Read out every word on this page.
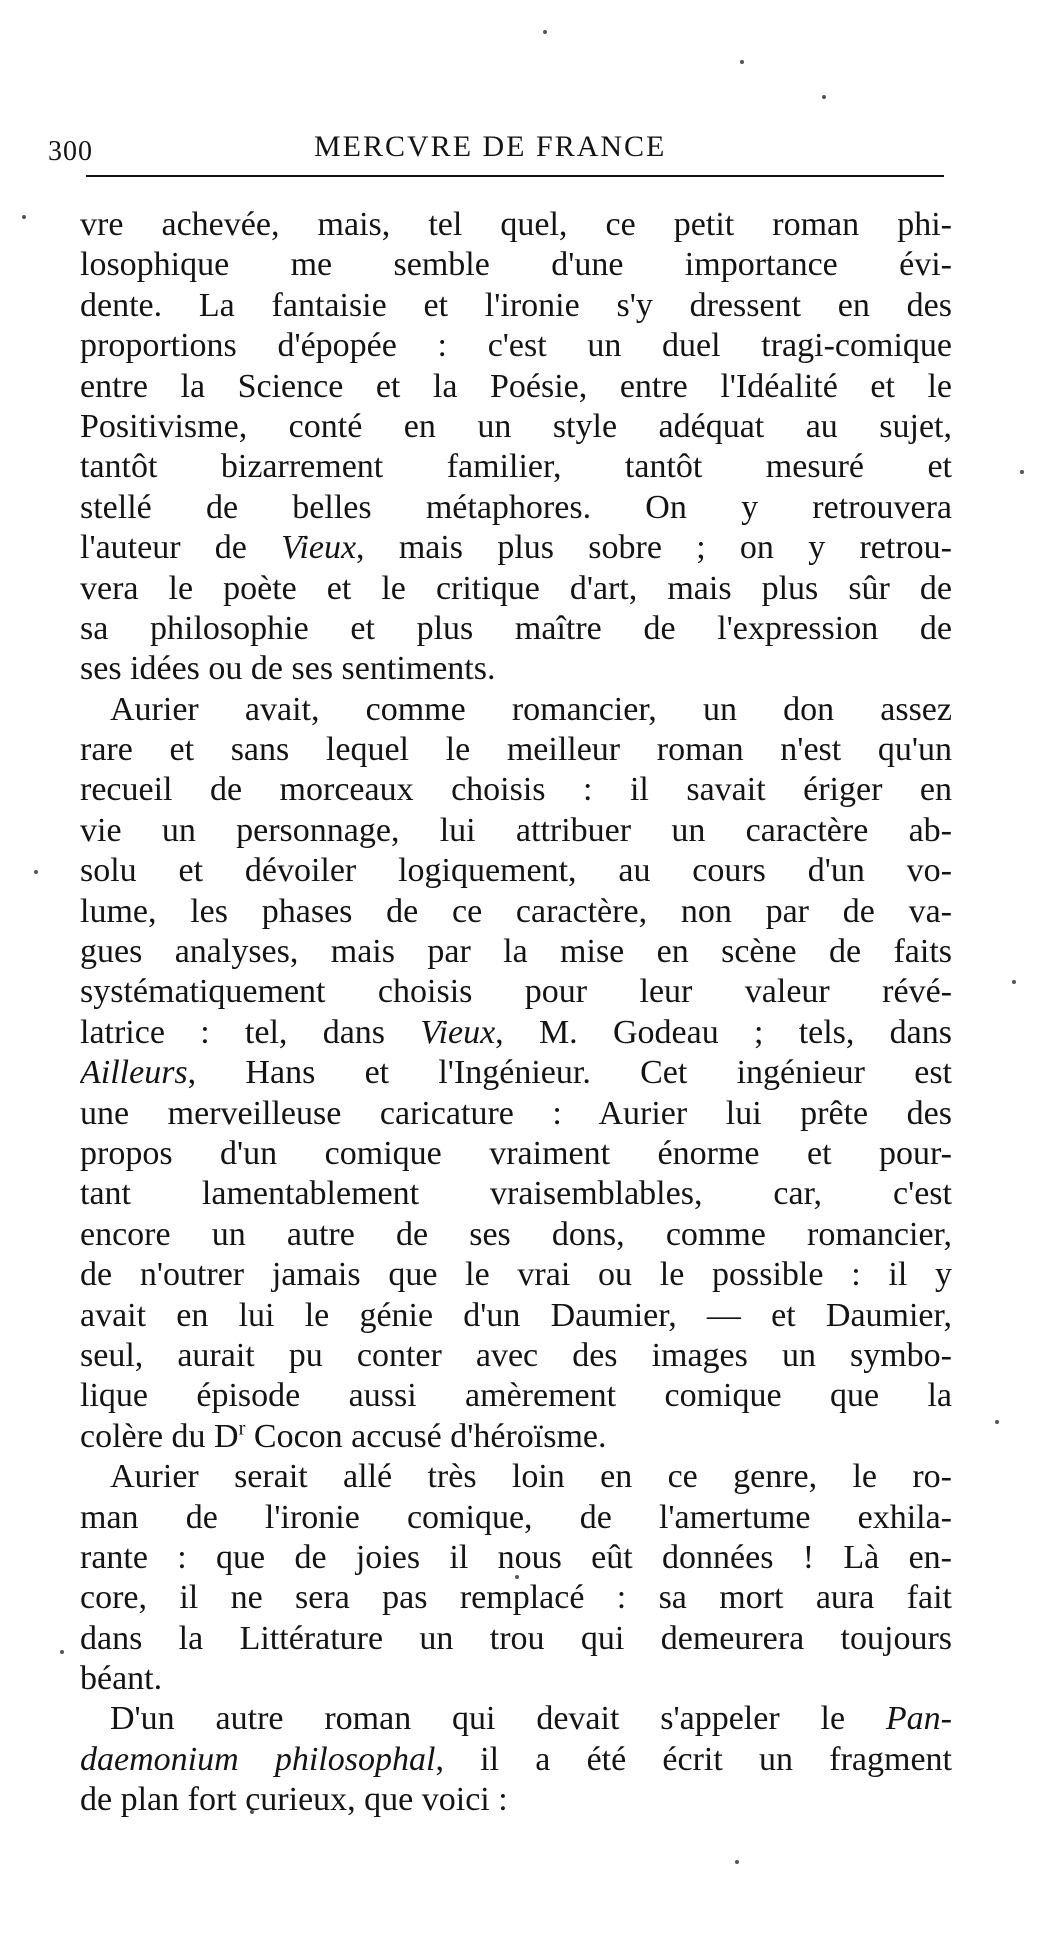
300	MERCVRE DE FRANCE
vre achevée, mais, tel quel, ce petit roman phi-
losophique me semble d'une importance évi-
dente. La fantaisie et l'ironie s'y dressent en des
proportions d'épopée : c'est un duel tragi-comique
entre la Science et la Poésie, entre l'Idéalité et le
Positivisme, conté en un style adéquat au sujet,
tantôt bizarrement familier, tantôt mesuré et
stellé de belles métaphores. On y retrouvera
l'auteur de Vieux, mais plus sobre ; on y retrou-
vera le poète et le critique d'art, mais plus sûr de
sa philosophie et plus maître de l'expression de
ses idées ou de ses sentiments.
Aurier avait, comme romancier, un don assez
rare et sans lequel le meilleur roman n'est qu'un
recueil de morceaux choisis : il savait ériger en
vie un personnage, lui attribuer un caractère ab-
solu et dévoiler logiquement, au cours d'un vo-
lume, les phases de ce caractère, non par de va-
gues analyses, mais par la mise en scène de faits
systématiquement choisis pour leur valeur révé-
latrice : tel, dans Vieux, M. Godeau ; tels, dans
Ailleurs, Hans et l'Ingénieur. Cet ingénieur est
une merveilleuse caricature : Aurier lui prête des
propos d'un comique vraiment énorme et pour-
tant lamentablement vraisemblables, car, c'est
encore un autre de ses dons, comme romancier,
de n'outrer jamais que le vrai ou le possible : il y
avait en lui le génie d'un Daumier, — et Daumier,
seul, aurait pu conter avec des images un symbo-
lique épisode aussi amèrement comique que la
colère du $D^r$ Cocon accusé d'héroïsme.
Aurier serait allé très loin en ce genre, le ro-
man de l'ironie comique, de l'amertume exhila-
rante : que de joies il nous eût données ! Là en-
core, il ne sera pas remplacé : sa mort aura fait
dans la Littérature un trou qui demeurera toujours
béant.
D'un autre roman qui devait s'appeler le Pan-
daemonium philosophal, il a été écrit un fragment
de plan fort curieux, que voici :
